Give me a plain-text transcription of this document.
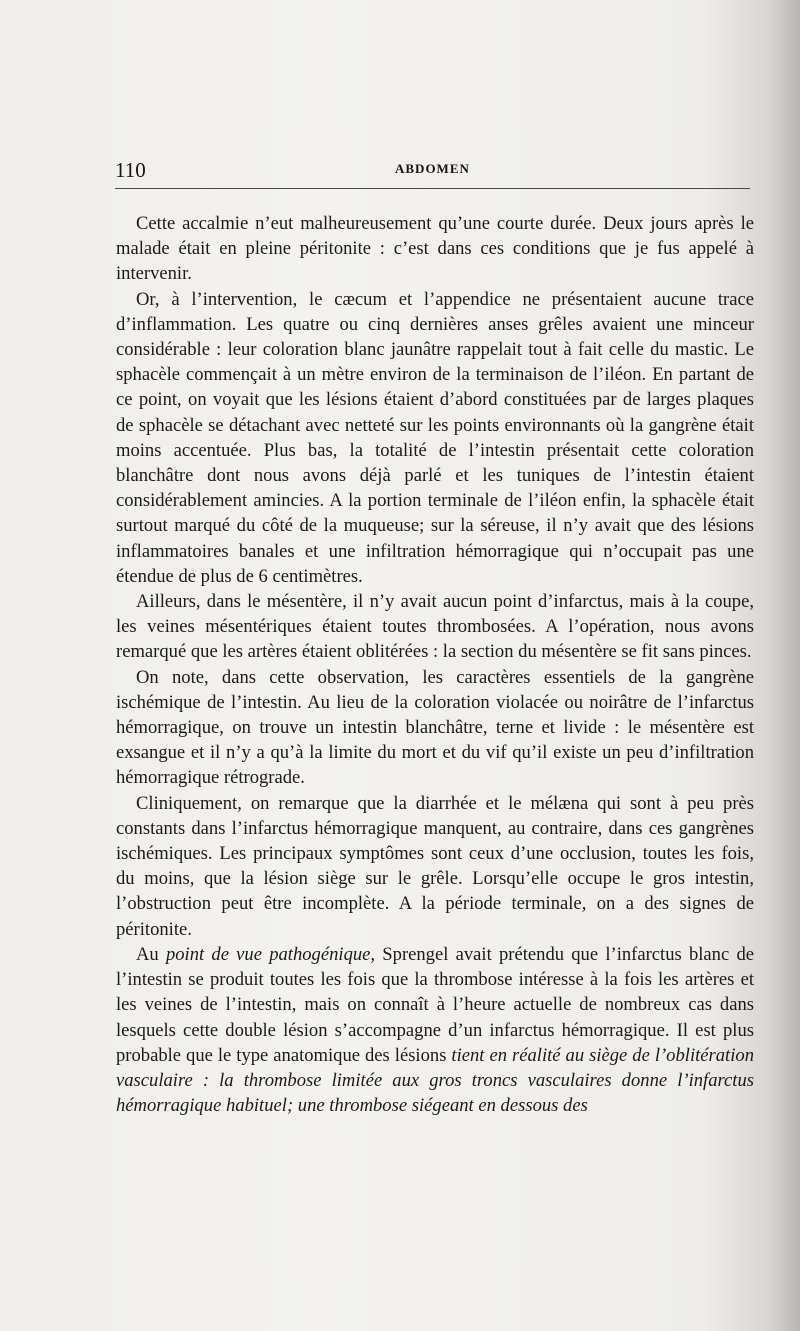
110	ABDOMEN

Cette accalmie n’eut malheureusement qu’une courte durée. Deux jours après le malade était en pleine péritonite : c’est dans ces conditions que je fus appelé à intervenir.

Or, à l’intervention, le cæcum et l’appendice ne présentaient aucune trace d’inflammation. Les quatre ou cinq dernières anses grêles avaient une minceur considérable : leur coloration blanc jaunâtre rappelait tout à fait celle du mastic. Le sphacèle commençait à un mètre environ de la terminaison de l’iléon. En partant de ce point, on voyait que les lésions étaient d’abord constituées par de larges plaques de sphacèle se détachant avec netteté sur les points environnants où la gangrène était moins accentuée. Plus bas, la totalité de l’intestin présentait cette coloration blanchâtre dont nous avons déjà parlé et les tuniques de l’intestin étaient considérablement amincies. A la portion terminale de l’iléon enfin, la sphacèle était surtout marqué du côté de la muqueuse; sur la séreuse, il n’y avait que des lésions inflammatoires banales et une infiltration hémorragique qui n’occupait pas une étendue de plus de 6 centimètres.

Ailleurs, dans le mésentère, il n’y avait aucun point d’infarctus, mais à la coupe, les veines mésentériques étaient toutes thrombosées. A l’opération, nous avons remarqué que les artères étaient oblitérées : la section du mésentère se fit sans pinces.

On note, dans cette observation, les caractères essentiels de la gangrène ischémique de l’intestin. Au lieu de la coloration violacée ou noirâtre de l’infarctus hémorragique, on trouve un intestin blanchâtre, terne et livide : le mésentère est exsangue et il n’y a qu’à la limite du mort et du vif qu’il existe un peu d’infiltration hémorragique rétrograde.

Cliniquement, on remarque que la diarrhée et le mélæna qui sont à peu près constants dans l’infarctus hémorragique manquent, au contraire, dans ces gangrènes ischémiques. Les principaux symptômes sont ceux d’une occlusion, toutes les fois, du moins, que la lésion siège sur le grêle. Lorsqu’elle occupe le gros intestin, l’obstruction peut être incomplète. A la période terminale, on a des signes de péritonite.

Au point de vue pathogénique, Sprengel avait prétendu que l’infarctus blanc de l’intestin se produit toutes les fois que la thrombose intéresse à la fois les artères et les veines de l’intestin, mais on connaît à l’heure actuelle de nombreux cas dans lesquels cette double lésion s’accompagne d’un infarctus hémorragique. Il est plus probable que le type anatomique des lésions tient en réalité au siège de l’oblitération vasculaire : la thrombose limitée aux gros troncs vasculaires donne l’infarctus hémorragique habituel; une thrombose siégeant en dessous des
